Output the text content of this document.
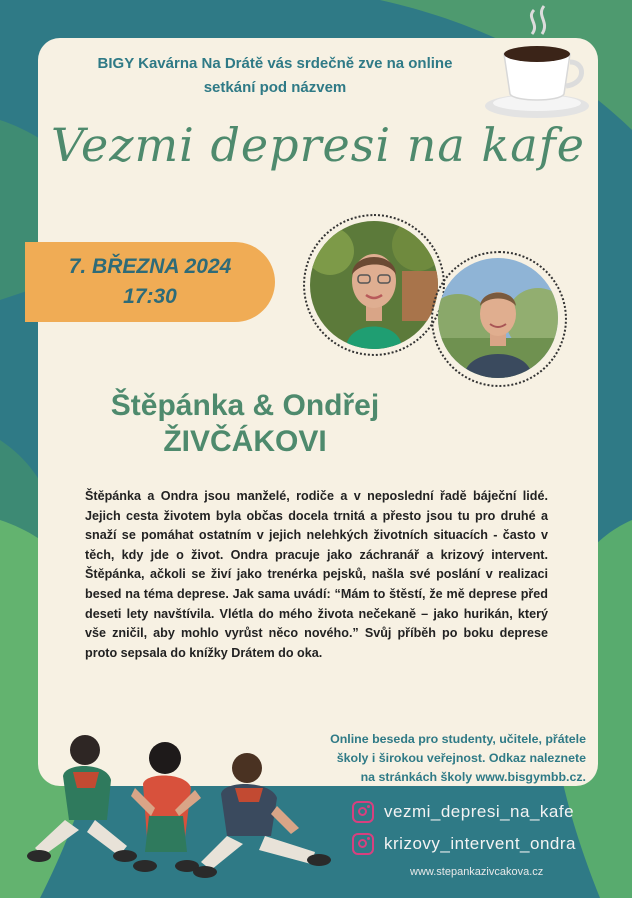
BIGY Kavárna Na Drátě vás srdečně zve na online
setkání pod názvem
Vezmi depresi na kafe
7. BŘEZNA 2024
17:30
Štěpánka & Ondřej
ŽIVČÁKOVI
Štěpánka a Ondra jsou manželé, rodiče a v neposlední řadě báječní lidé. Jejich cesta životem byla občas docela trnitá a přesto jsou tu pro druhé a snaží se pomáhat ostatním v jejich nelehkých životních situacích - často v těch, kdy jde o život. Ondra pracuje jako záchranář a krizový intervent. Štěpánka, ačkoli se živí jako trenérka pejsků, našla své poslání v realizaci besed na téma deprese. Jak sama uvádí: “Mám to štěstí, že mě deprese před deseti lety navštívila. Vlétla do mého života nečekaně – jako hurikán, který vše zničil, aby mohlo vyrůst něco nového.” Svůj příběh po boku deprese proto sepsala do knížky Drátem do oka.
Online beseda pro studenty, učitele, přátele
školy i širokou veřejnost. Odkaz naleznete
na stránkách školy www.bisgymbb.cz.
vezmi_depresi_na_kafe
krizovy_intervent_ondra
www.stepankazivcakova.cz
